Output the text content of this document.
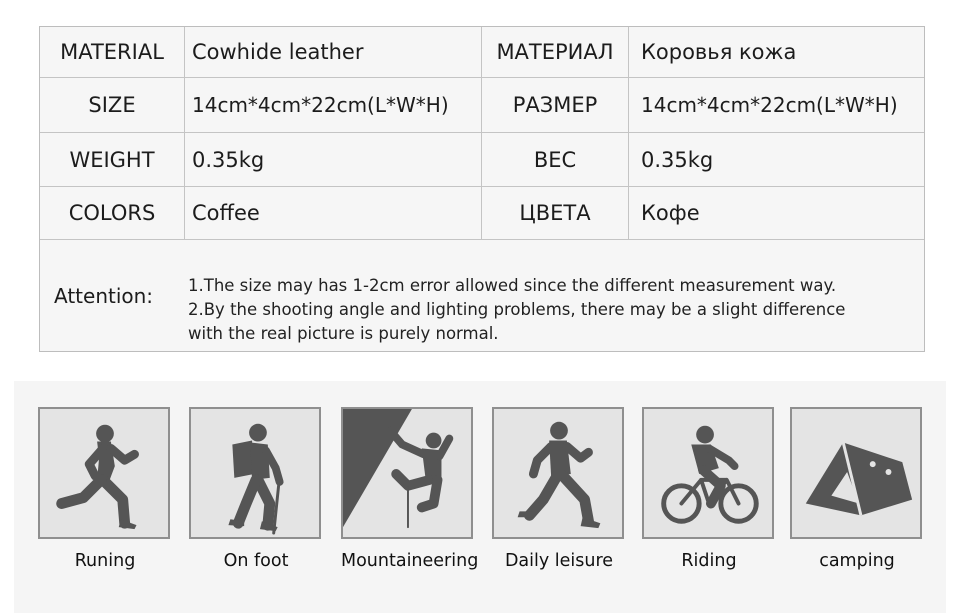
MATERIAL	Cowhide leather	МАТЕРИАЛ	Коровья кожа
SIZE	14cm*4cm*22cm(L*W*H)	РАЗМЕР	14cm*4cm*22cm(L*W*H)
WEIGHT	0.35kg	ВЕС	0.35kg
COLORS	Coffee	ЦВЕТА	Кофе
Attention: 1.The size may has 1-2cm error allowed since the different measurement way.
2.By the shooting angle and lighting problems, there may be a slight difference
with the real picture is purely normal.
Runing	On foot	Mountaineering	Daily leisure	Riding	camping
